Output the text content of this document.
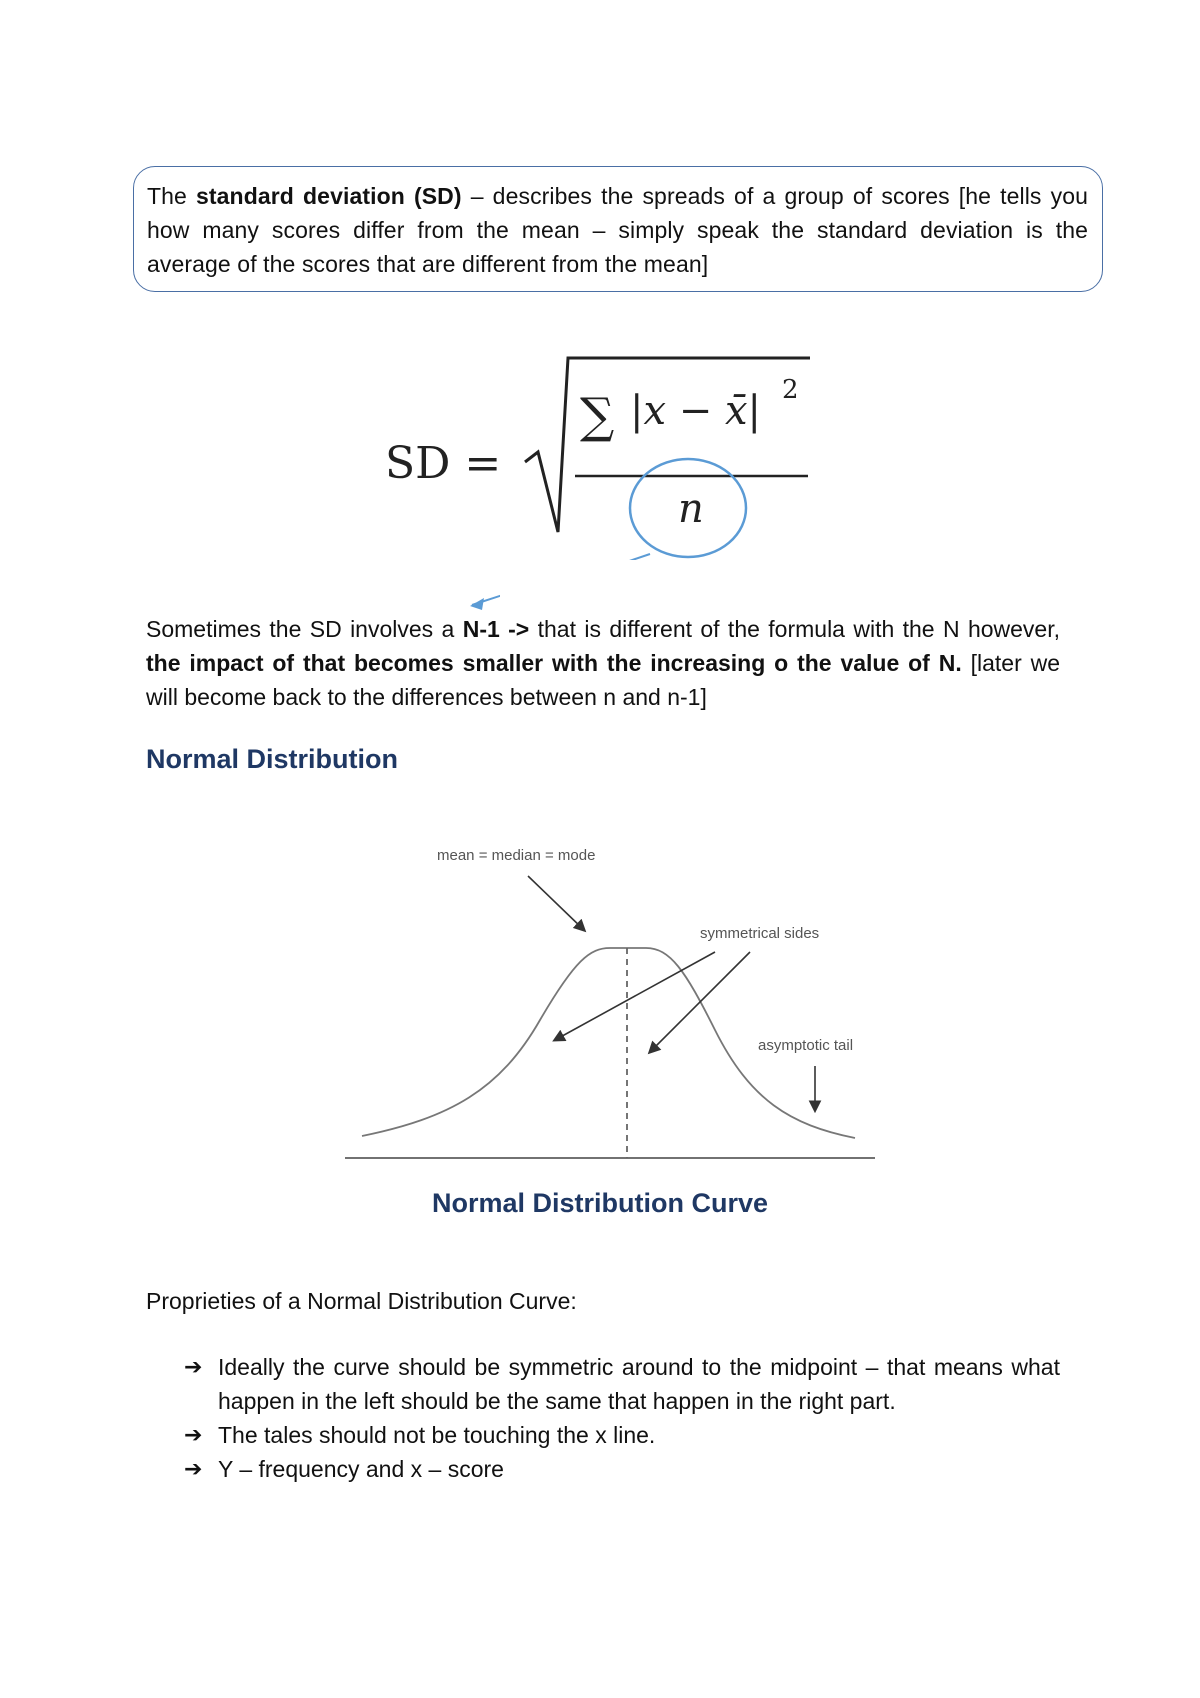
The standard deviation (SD) – describes the spreads of a group of scores [he tells you how many scores differ from the mean – simply speak the standard deviation is the average of the scores that are different from the mean]
SD =
∑ |x − x̄| 2
n
Sometimes the SD involves a N-1 -> that is different of the formula with the N however, the impact of that becomes smaller with the increasing o the value of N. [later we will become back to the differences between n and n-1]
Normal Distribution
mean = median = mode
symmetrical sides
asymptotic tail
Normal Distribution Curve
Proprieties of a Normal Distribution Curve:
➔ Ideally the curve should be symmetric around to the midpoint – that means what happen in the left should be the same that happen in the right part.
➔ The tales should not be touching the x line.
➔ Y – frequency and x – score
